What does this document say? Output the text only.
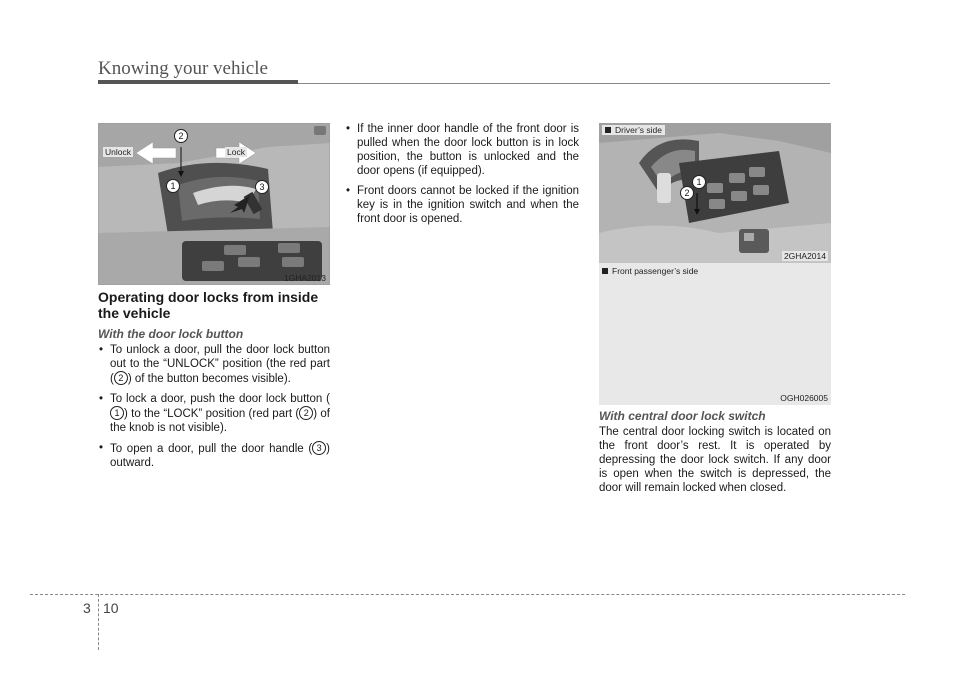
Knowing your vehicle
Unlock	Lock
2
1	3
1GHA2013
Operating door locks from inside the vehicle
With the door lock button
• To unlock a door, pull the door lock button out to the “UNLOCK” position (the red part ( 2 ) of the button becomes visible).
• To lock a door, push the door lock button (1 ) to the “LOCK” position (red part ( 2 ) of the knob is not visible).
• To open a door, pull the door handle ( 3 ) outward.
• If the inner door handle of the front door is pulled when the door lock button is in lock position, the button is unlocked and the door opens (if equipped).
• Front doors cannot be locked if the ignition key is in the ignition switch and when the front door is opened.
Driver’s side
1
2
2GHA2014
Front passenger’s side
OGH026005
With central door lock switch

The central door locking switch is located on the front door’s rest. It is operated by depressing the door lock switch. If any door is open when the switch is depressed, the door will remain locked when closed.

3 10
